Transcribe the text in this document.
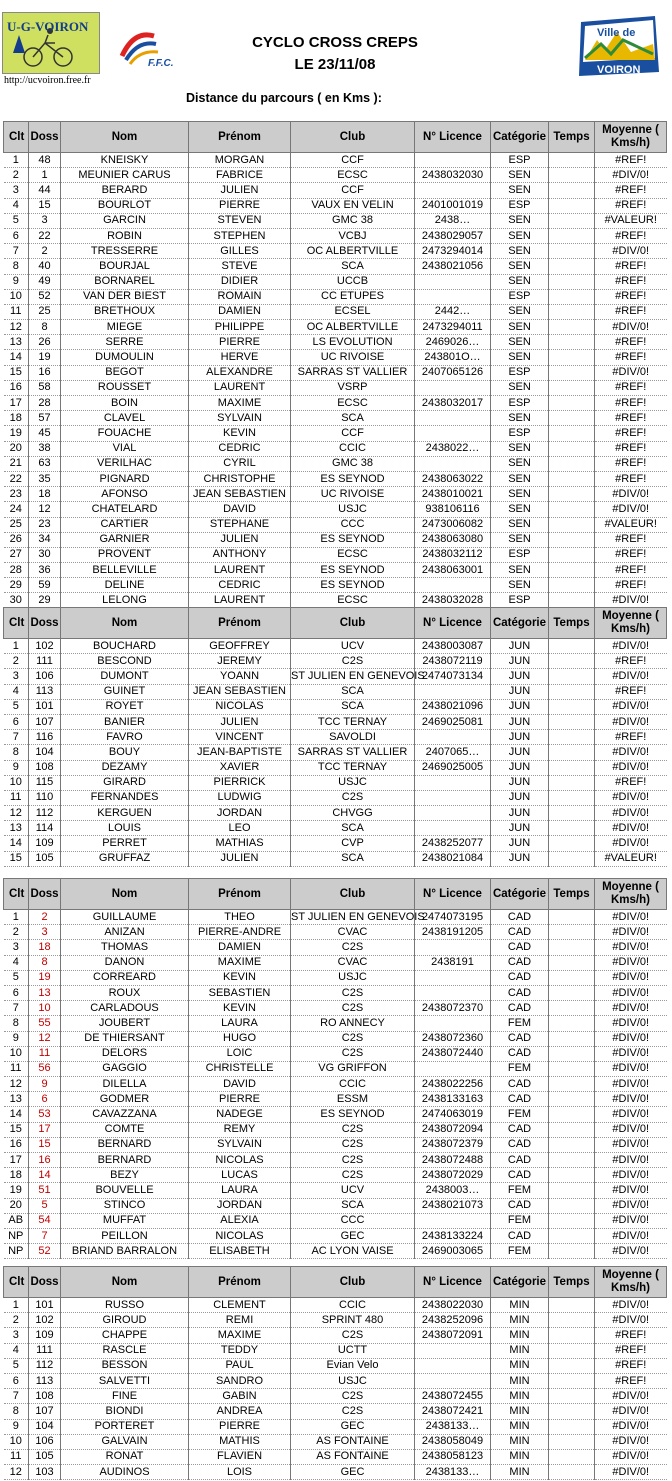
U-G-VOIRON
http://ucvoiron.free.fr
F.F.C.
Ville de
VOIRON
CYCLO CROSS CREPS
LE 23/11/08
Distance du parcours ( en Kms ):
Clt	Doss	Nom	Prénom	Club	N° Licence	Catégorie	Temps	Moyenne ( Kms/h)
1	48	KNEISKY	MORGAN	CCF		ESP		#REF!
2	1	MEUNIER CARUS	FABRICE	ECSC	2438032030	SEN		#DIV/0!
3	44	BERARD	JULIEN	CCF		SEN		#REF!
4	15	BOURLOT	PIERRE	VAUX EN VELIN	2401001019	ESP		#REF!
5	3	GARCIN	STEVEN	GMC 38	2438…	SEN		#VALEUR!
6	22	ROBIN	STEPHEN	VCBJ	2438029057	SEN		#REF!
7	2	TRESSERRE	GILLES	OC ALBERTVILLE	2473294014	SEN		#DIV/0!
8	40	BOURJAL	STEVE	SCA	2438021056	SEN		#REF!
9	49	BORNAREL	DIDIER	UCCB		SEN		#REF!
10	52	VAN DER BIEST	ROMAIN	CC ETUPES		ESP		#REF!
11	25	BRETHOUX	DAMIEN	ECSEL	2442…	SEN		#REF!
12	8	MIEGE	PHILIPPE	OC ALBERTVILLE	2473294011	SEN		#DIV/0!
13	26	SERRE	PIERRE	LS EVOLUTION	2469026…	SEN		#REF!
14	19	DUMOULIN	HERVE	UC RIVOISE	243801O…	SEN		#REF!
15	16	BEGOT	ALEXANDRE	SARRAS ST VALLIER	2407065126	ESP		#DIV/0!
16	58	ROUSSET	LAURENT	VSRP		SEN		#REF!
17	28	BOIN	MAXIME	ECSC	2438032017	ESP		#REF!
18	57	CLAVEL	SYLVAIN	SCA		SEN		#REF!
19	45	FOUACHE	KEVIN	CCF		ESP		#REF!
20	38	VIAL	CEDRIC	CCIC	2438022…	SEN		#REF!
21	63	VERILHAC	CYRIL	GMC 38		SEN		#REF!
22	35	PIGNARD	CHRISTOPHE	ES SEYNOD	2438063022	SEN		#REF!
23	18	AFONSO	JEAN SEBASTIEN	UC RIVOISE	2438010021	SEN		#DIV/0!
24	12	CHATELARD	DAVID	USJC	938106116	SEN		#DIV/0!
25	23	CARTIER	STEPHANE	CCC	2473006082	SEN		#VALEUR!
26	34	GARNIER	JULIEN	ES SEYNOD	2438063080	SEN		#REF!
27	30	PROVENT	ANTHONY	ECSC	2438032112	ESP		#REF!
28	36	BELLEVILLE	LAURENT	ES SEYNOD	2438063001	SEN		#REF!
29	59	DELINE	CEDRIC	ES SEYNOD		SEN		#REF!
30	29	LELONG	LAURENT	ECSC	2438032028	ESP		#DIV/0!
Clt	Doss	Nom	Prénom	Club	N° Licence	Catégorie	Temps	Moyenne ( Kms/h)
1	102	BOUCHARD	GEOFFREY	UCV	2438003087	JUN		#DIV/0!
2	111	BESCOND	JEREMY	C2S	2438072119	JUN		#REF!
3	106	DUMONT	YOANN	ST JULIEN EN GENEVOIS	2474073134	JUN		#DIV/0!
4	113	GUINET	JEAN SEBASTIEN	SCA		JUN		#REF!
5	101	ROYET	NICOLAS	SCA	2438021096	JUN		#DIV/0!
6	107	BANIER	JULIEN	TCC TERNAY	2469025081	JUN		#DIV/0!
7	116	FAVRO	VINCENT	SAVOLDI		JUN		#REF!
8	104	BOUY	JEAN-BAPTISTE	SARRAS ST VALLIER	2407065…	JUN		#DIV/0!
9	108	DEZAMY	XAVIER	TCC TERNAY	2469025005	JUN		#DIV/0!
10	115	GIRARD	PIERRICK	USJC		JUN		#REF!
11	110	FERNANDES	LUDWIG	C2S		JUN		#DIV/0!
12	112	KERGUEN	JORDAN	CHVGG		JUN		#DIV/0!
13	114	LOUIS	LEO	SCA		JUN		#DIV/0!
14	109	PERRET	MATHIAS	CVP	2438252077	JUN		#DIV/0!
15	105	GRUFFAZ	JULIEN	SCA	2438021084	JUN		#VALEUR!
Clt	Doss	Nom	Prénom	Club	N° Licence	Catégorie	Temps	Moyenne ( Kms/h)
1	2	GUILLAUME	THEO	ST JULIEN EN GENEVOIS	2474073195	CAD		#DIV/0!
2	3	ANIZAN	PIERRE-ANDRE	CVAC	2438191205	CAD		#DIV/0!
3	18	THOMAS	DAMIEN	C2S		CAD		#DIV/0!
4	8	DANON	MAXIME	CVAC	2438191	CAD		#DIV/0!
5	19	CORREARD	KEVIN	USJC		CAD		#DIV/0!
6	13	ROUX	SEBASTIEN	C2S		CAD		#DIV/0!
7	10	CARLADOUS	KEVIN	C2S	2438072370	CAD		#DIV/0!
8	55	JOUBERT	LAURA	RO ANNECY		FEM		#DIV/0!
9	12	DE THIERSANT	HUGO	C2S	2438072360	CAD		#DIV/0!
10	11	DELORS	LOIC	C2S	2438072440	CAD		#DIV/0!
11	56	GAGGIO	CHRISTELLE	VG GRIFFON		FEM		#DIV/0!
12	9	DILELLA	DAVID	CCIC	2438022256	CAD		#DIV/0!
13	6	GODMER	PIERRE	ESSM	2438133163	CAD		#DIV/0!
14	53	CAVAZZANA	NADEGE	ES SEYNOD	2474063019	FEM		#DIV/0!
15	17	COMTE	REMY	C2S	2438072094	CAD		#DIV/0!
16	15	BERNARD	SYLVAIN	C2S	2438072379	CAD		#DIV/0!
17	16	BERNARD	NICOLAS	C2S	2438072488	CAD		#DIV/0!
18	14	BEZY	LUCAS	C2S	2438072029	CAD		#DIV/0!
19	51	BOUVELLE	LAURA	UCV	2438003…	FEM		#DIV/0!
20	5	STINCO	JORDAN	SCA	2438021073	CAD		#DIV/0!
AB	54	MUFFAT	ALEXIA	CCC		FEM		#DIV/0!
NP	7	PEILLON	NICOLAS	GEC	2438133224	CAD		#DIV/0!
NP	52	BRIAND BARRALON	ELISABETH	AC LYON VAISE	2469003065	FEM		#DIV/0!
Clt	Doss	Nom	Prénom	Club	N° Licence	Catégorie	Temps	Moyenne ( Kms/h)
1	101	RUSSO	CLEMENT	CCIC	2438022030	MIN		#DIV/0!
2	102	GIROUD	REMI	SPRINT 480	2438252096	MIN		#DIV/0!
3	109	CHAPPE	MAXIME	C2S	2438072091	MIN		#REF!
4	111	RASCLE	TEDDY	UCTT		MIN		#REF!
5	112	BESSON	PAUL	Evian Velo		MIN		#REF!
6	113	SALVETTI	SANDRO	USJC		MIN		#REF!
7	108	FINE	GABIN	C2S	2438072455	MIN		#DIV/0!
8	107	BIONDI	ANDREA	C2S	2438072421	MIN		#DIV/0!
9	104	PORTERET	PIERRE	GEC	2438133…	MIN		#DIV/0!
10	106	GALVAIN	MATHIS	AS FONTAINE	2438058049	MIN		#DIV/0!
11	105	RONAT	FLAVIEN	AS FONTAINE	2438058123	MIN		#DIV/0!
12	103	AUDINOS	LOIS	GEC	2438133…	MIN		#DIV/0!
